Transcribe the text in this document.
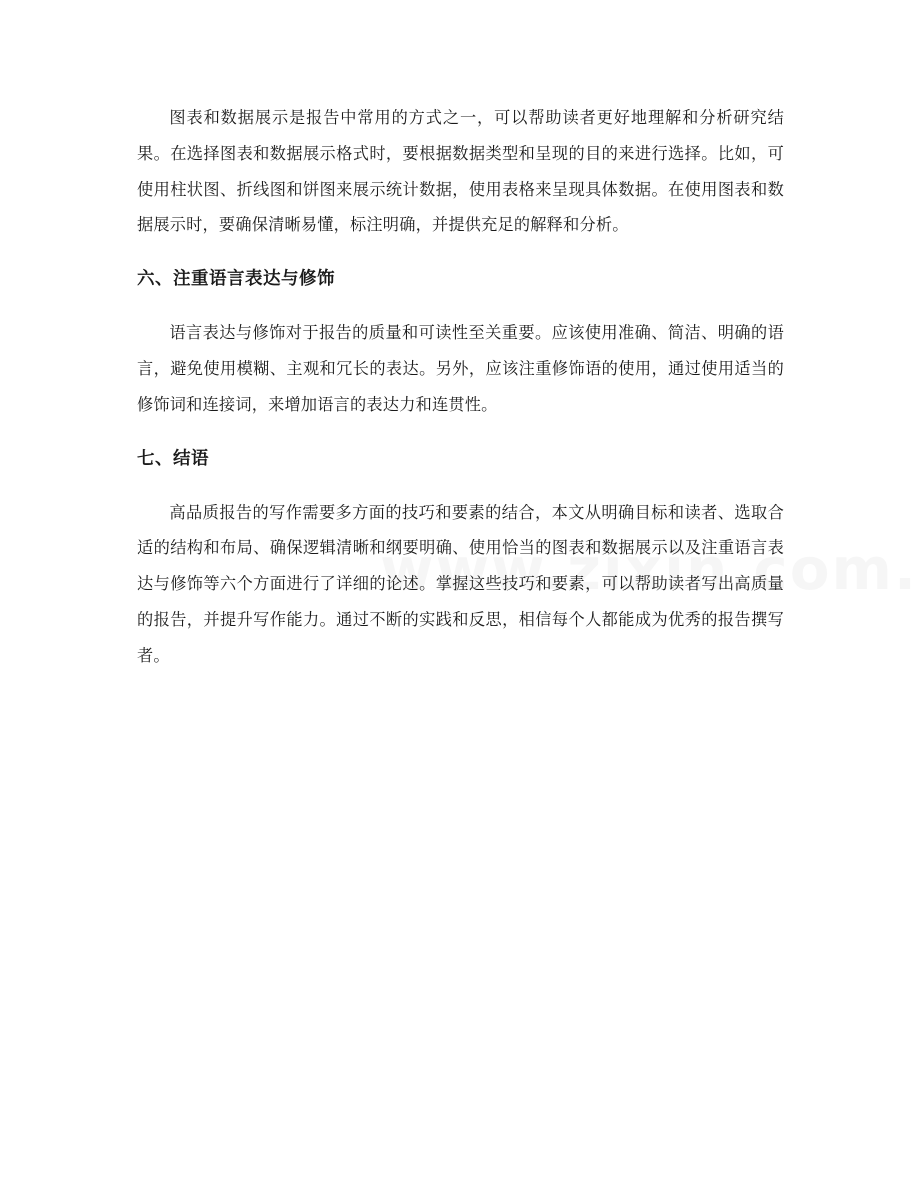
图表和数据展示是报告中常用的方式之一，可以帮助读者更好地理解和分析研究结果。在选择图表和数据展示格式时，要根据数据类型和呈现的目的来进行选择。比如，可使用柱状图、折线图和饼图来展示统计数据，使用表格来呈现具体数据。在使用图表和数据展示时，要确保清晰易懂，标注明确，并提供充足的解释和分析。

六、注重语言表达与修饰

语言表达与修饰对于报告的质量和可读性至关重要。应该使用准确、简洁、明确的语言，避免使用模糊、主观和冗长的表达。另外，应该注重修饰语的使用，通过使用适当的修饰词和连接词，来增加语言的表达力和连贯性。

七、结语

高品质报告的写作需要多方面的技巧和要素的结合，本文从明确目标和读者、选取合适的结构和布局、确保逻辑清晰和纲要明确、使用恰当的图表和数据展示以及注重语言表达与修饰等六个方面进行了详细的论述。掌握这些技巧和要素，可以帮助读者写出高质量的报告，并提升写作能力。通过不断的实践和反思，相信每个人都能成为优秀的报告撰写者。
